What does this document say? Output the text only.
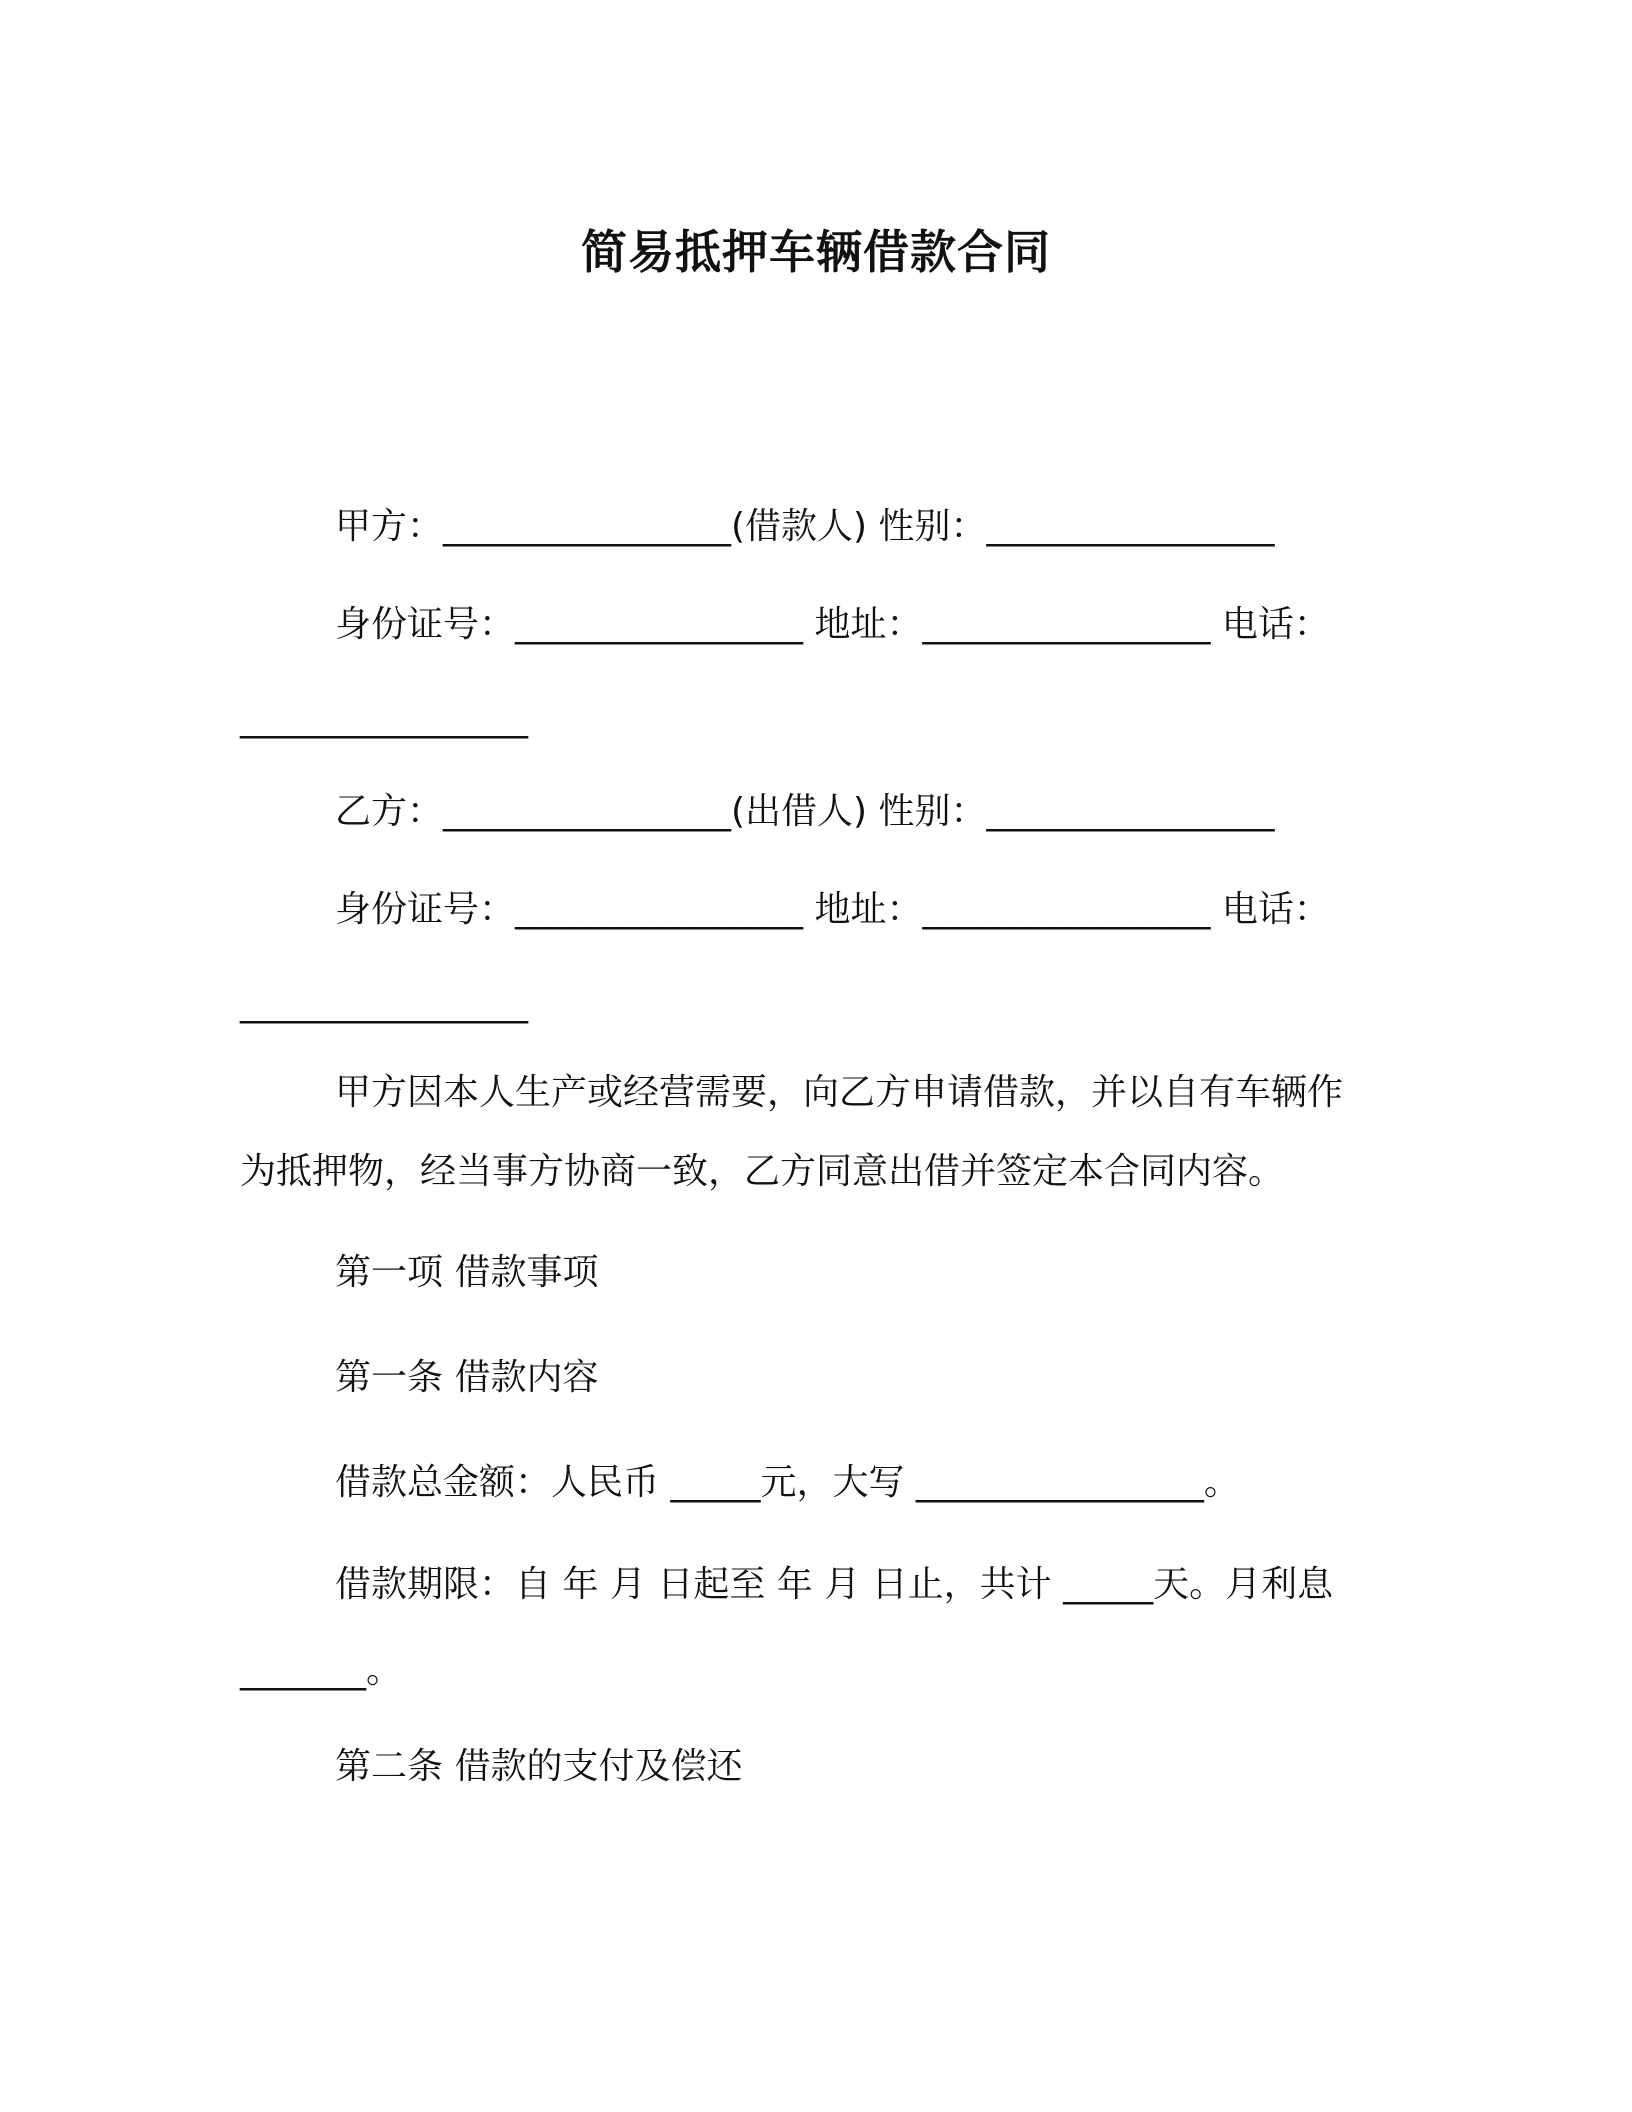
简易抵押车辆借款合同
甲方：________________(借款人) 性别：________________
身份证号：________________ 地址：________________ 电话：
________________
乙方：________________(出借人) 性别：________________
身份证号：________________ 地址：________________ 电话：
________________
甲方因本人生产或经营需要，向乙方申请借款，并以自有车辆作
为抵押物，经当事方协商一致，乙方同意出借并签定本合同内容。
第一项 借款事项
第一条 借款内容
借款总金额：人民币 _____元，大写 ________________。
借款期限：自 年 月 日起至 年 月 日止，共计 _____天。月利息
_______。
第二条 借款的支付及偿还
